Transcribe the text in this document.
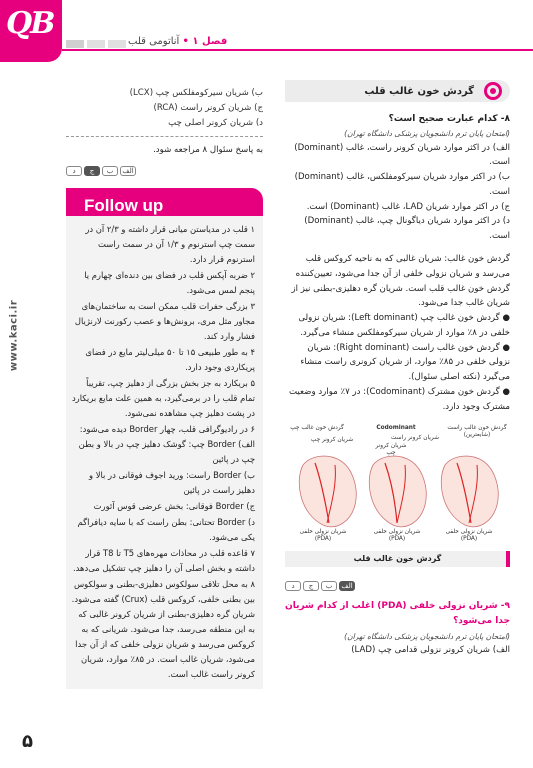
QB
فصل ۱ • آناتومی قلب
www.kaci.ir
۵
ب) شریان سیرکومفلکس چپ (LCX)
ج) شریان کرونر راست (RCA)
د) شریان کرونر اصلی چپ
به پاسخ سئوال ۸ مراجعه شود.
الف
ب
ج
د
Follow up
۱ قلب در مدیاستن میانی قرار داشته و ۲/۳ آن در سمت چپ استرنوم و ۱/۳ آن در سمت راست استرنوم قرار دارد.
۲ ضربه آپکس قلب در فضای بین دنده‌ای چهارم یا پنجم لمس می‌شود.
۳ بزرگی حفرات قلب ممکن است به ساختمان‌های مجاور مثل مری، برونش‌ها و عصب رکورنت لارنژیال فشار وارد کند.
۴ به طور طبیعی ۱۵ تا ۵۰ میلی‌لیتر مایع در فضای پریکاردی وجود دارد.
۵ بریکارد به جز بخش بزرگی از دهلیز چپ، تقریباً تمام قلب را در برمی‌گیرد، به همین علت مایع بریکارد در پشت دهلیز چپ مشاهده نمی‌شود.
۶ در رادیوگرافی قلب، چهار Border دیده می‌شود:
الف) Border چپ: گوشک دهلیز چپ در بالا و بطن چپ در پائین
ب) Border راست: ورید اجوف فوقانی در بالا و دهلیز راست در پائین
ج) Border فوقانی: بخش عرضی قوس آئورت
د) Border تحتانی: بطن راست که با سایه دیافراگم یکی می‌شود.
۷ قاعده قلب در محاذات مهره‌های T5 تا T8 قرار داشته و بخش اصلی آن را دهلیز چپ تشکیل می‌دهد.
۸ به محل تلاقی سولکوس دهلیزی-بطنی و سولکوس بین بطنی خلفی، کروکس قلب (Crux) گفته می‌شود. شریان گره دهلیزی-بطنی از شریان کرونر غالبی که به این منطقه می‌رسد، جدا می‌شود. شریانی که به کروکس می‌رسد و شریان نزولی خلفی که از آن جدا می‌شود، شریان غالب است. در ۸۵٪ موارد، شریان کرونر راست غالب است.
گردش خون غالب قلب
۸- کدام عبارت صحیح است؟
(امتحان پایان ترم دانشجویان پزشکی دانشگاه تهران)
الف) در اکثر موارد شریان کرونر راست، غالب (Dominant) است.
ب) در اکثر موارد شریان سیرکومفلکس، غالب (Dominant) است.
ج) در اکثر موارد شریان LAD، غالب (Dominant) است.
د) در اکثر موارد شریان دیاگونال چپ، غالب (Dominant) است.
گردش خون غالب: شریان غالبی که به ناحیه کروکس قلب می‌رسد و شریان نزولی خلفی از آن جدا می‌شود، تعیین‌کننده گردش خون غالب قلب است. شریان گره دهلیزی-بطنی نیز از شریان غالب جدا می‌شود.
● گردش خون غالب چپ (Left dominant): شریان نزولی خلفی در ۸٪ موارد از شریان سیرکومفلکس منشاء می‌گیرد.
● گردش خون غالب راست (Right dominant): شریان نزولی خلفی در ۸۵٪ موارد، از شریان کرونری راست منشاء می‌گیرد (نکته اصلی سئوال).
● گردش خون مشترک (Codominant): در ۷٪ موارد وضعیت مشترک وجود دارد.
گردش خون غالب چپ	Codominant	گردش خون غالب راست (شایعترین)
شریان کرونر چپ	شریان کرونر راست
شریان کرونر چپ
شریان نزولی خلفی (PDA)
شریان نزولی خلفی (PDA)
شریان نزولی خلفی (PDA)
گردش خون غالب قلب
الف
ب
ج
د
۹- شریان نزولی خلفی (PDA) اغلب از کدام شریان جدا می‌شود؟
(امتحان پایان ترم دانشجویان پزشکی دانشگاه تهران)
الف) شریان کرونر نزولی قدامی چپ (LAD)
